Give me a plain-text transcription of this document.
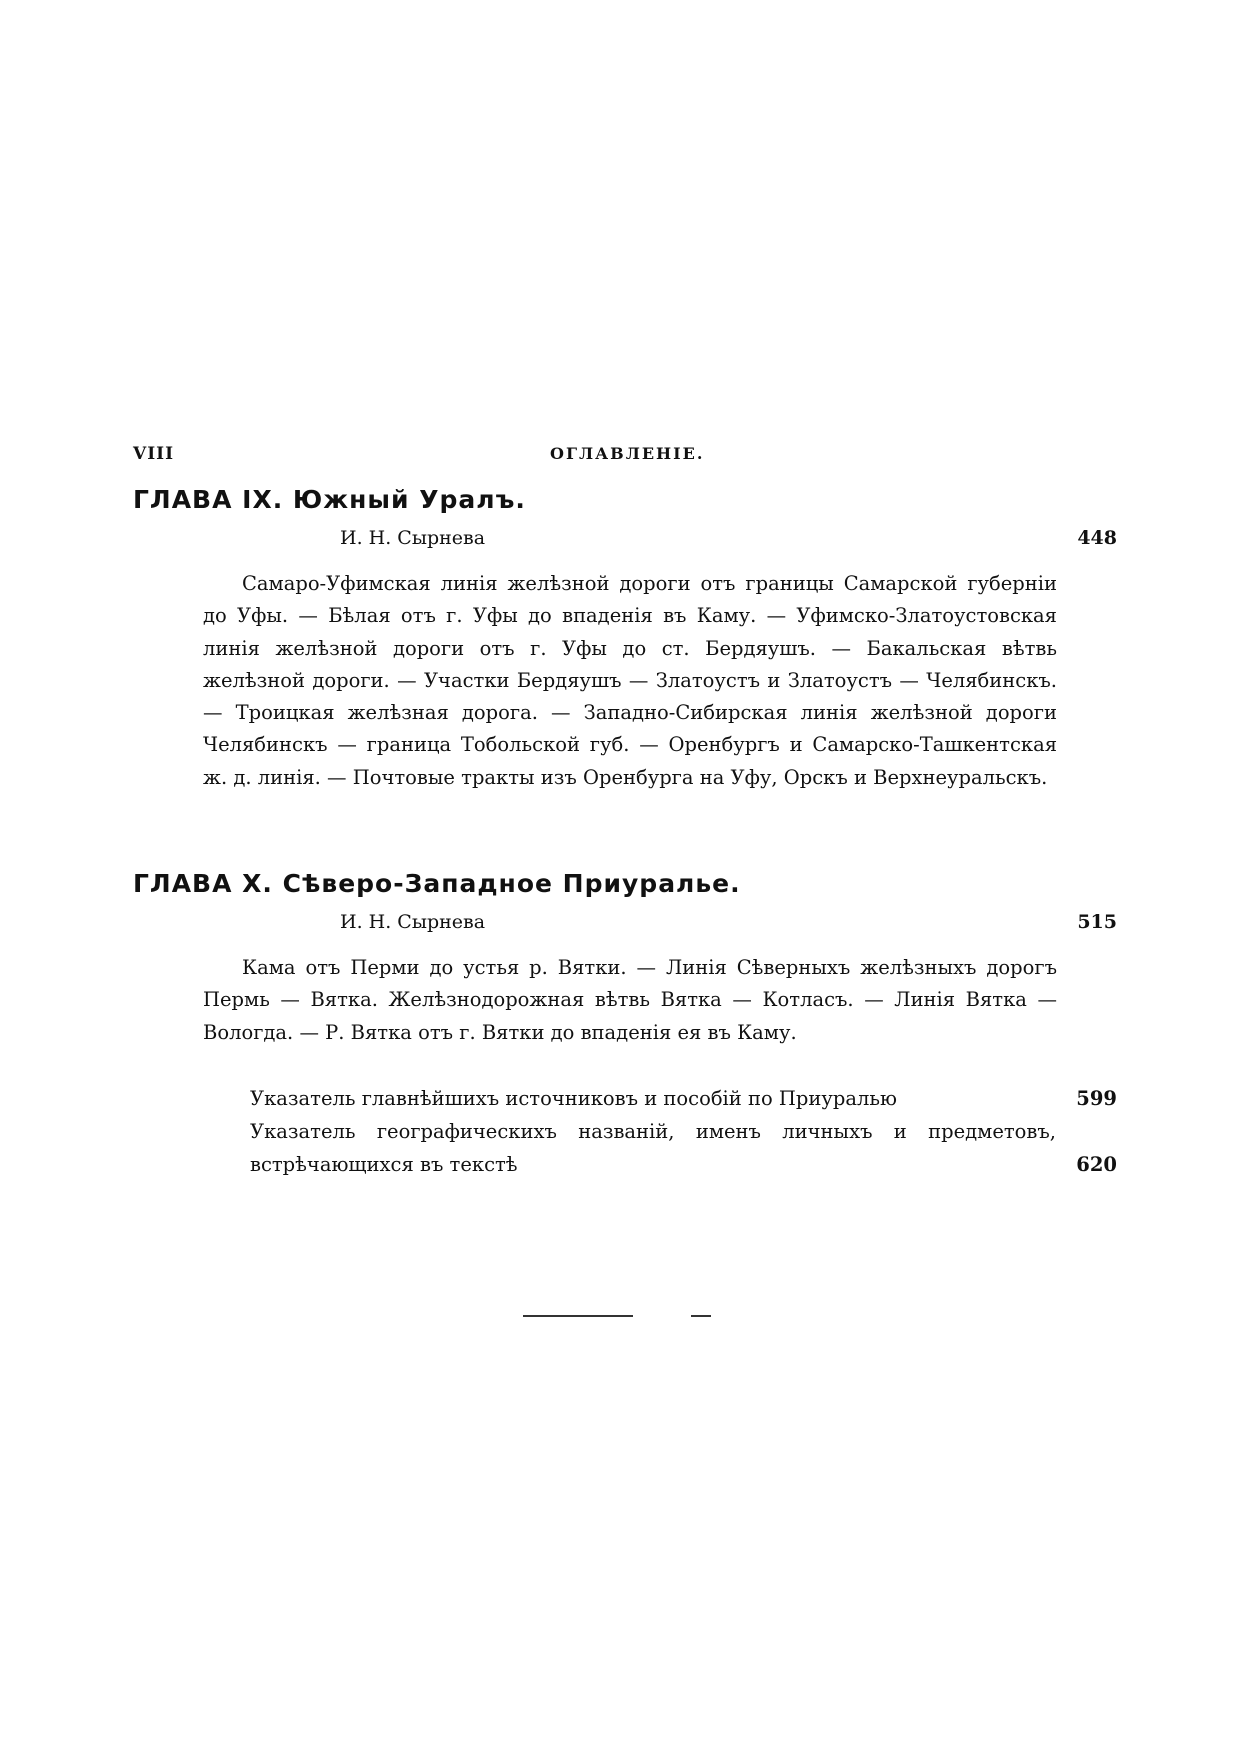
VIII	ОГЛАВЛЕНІЕ.
ГЛАВА IX. Южный Уралъ.
И. Н. Сырнева	448

Самаро-Уфимская линія желѣзной дороги отъ границы Самарской губерніи до Уфы. — Бѣлая отъ г. Уфы до впаденія въ Каму. — Уфимско-Златоустовская линія желѣзной дороги отъ г. Уфы до ст. Бердяушъ. — Бакальская вѣтвь желѣзной дороги. — Участки Бердяушъ — Златоустъ и Златоустъ — Челябинскъ. — Троицкая желѣзная дорога. — Западно-Сибирская линія желѣзной дороги Челябинскъ — граница Тобольской губ. — Оренбургъ и Самарско-Ташкентская ж. д. линія. — Почтовые тракты изъ Оренбурга на Уфу, Орскъ и Верхнеуральскъ.

ГЛАВА X. Сѣверо-Западное Приуралье.
И. Н. Сырнева	515

Кама отъ Перми до устья р. Вятки. — Линія Сѣверныхъ желѣзныхъ дорогъ Пермь — Вятка. Желѣзнодорожная вѣтвь Вятка — Котласъ. — Линія Вятка — Вологда. — Р. Вятка отъ г. Вятки до впаденія ея въ Каму.

Указатель главнѣйшихъ источниковъ и пособій по Приуралью	599
Указатель географическихъ названій, именъ личныхъ и предметовъ, встрѣчающихся въ текстѣ	620
